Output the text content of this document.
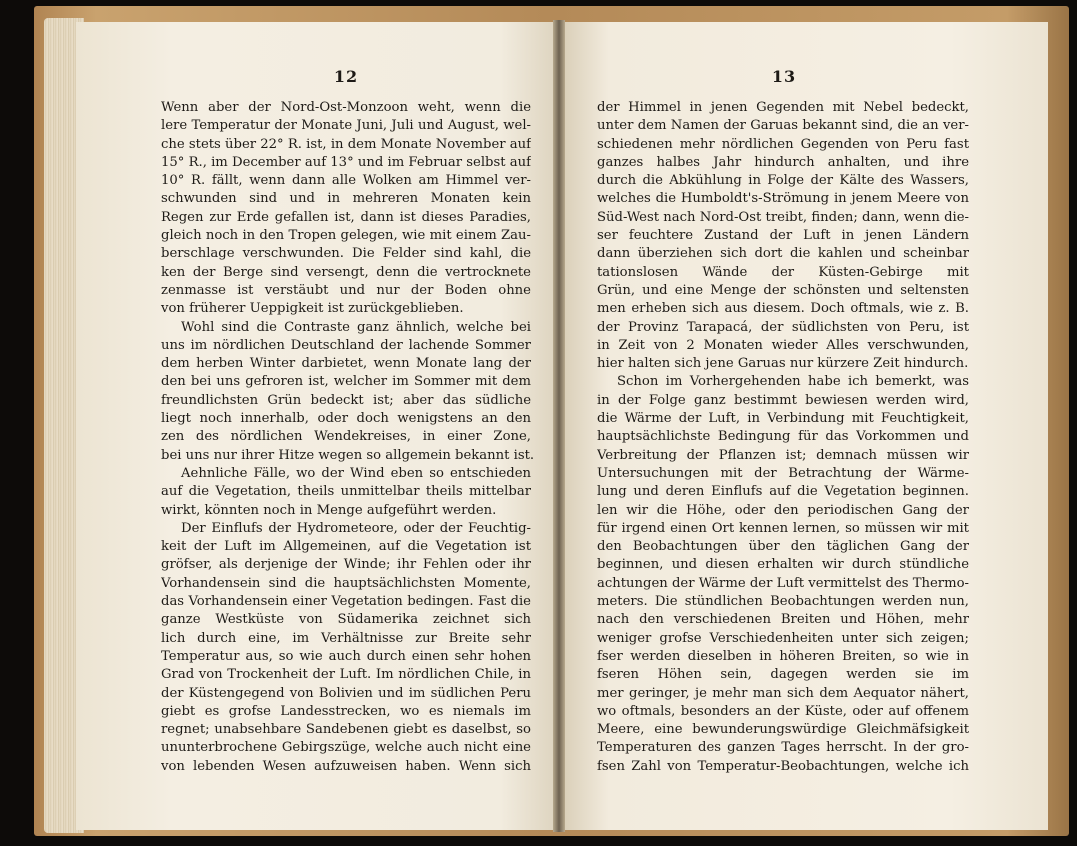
12
Wenn aber der Nord-Ost-Monzoon weht, wenn die
lere Temperatur der Monate Juni, Juli und August, wel-
che stets über 22° R. ist, in dem Monate November auf
15° R., im December auf 13° und im Februar selbst auf
10° R. fällt, wenn dann alle Wolken am Himmel ver-
schwunden sind und in mehreren Monaten kein
Regen zur Erde gefallen ist, dann ist dieses Paradies,
gleich noch in den Tropen gelegen, wie mit einem Zau-
berschlage verschwunden. Die Felder sind kahl, die
ken der Berge sind versengt, denn die vertrocknete
zenmasse ist verstäubt und nur der Boden ohne
von früherer Ueppigkeit ist zurückgeblieben.
Wohl sind die Contraste ganz ähnlich, welche bei
uns im nördlichen Deutschland der lachende Sommer
dem herben Winter darbietet, wenn Monate lang der
den bei uns gefroren ist, welcher im Sommer mit dem
freundlichsten Grün bedeckt ist; aber das südliche
liegt noch innerhalb, oder doch wenigstens an den
zen des nördlichen Wendekreises, in einer Zone,
bei uns nur ihrer Hitze wegen so allgemein bekannt ist.
Aehnliche Fälle, wo der Wind eben so entschieden
auf die Vegetation, theils unmittelbar theils mittelbar
wirkt, könnten noch in Menge aufgeführt werden.
Der Einflufs der Hydrometeore, oder der Feuchtig-
keit der Luft im Allgemeinen, auf die Vegetation ist
gröfser, als derjenige der Winde; ihr Fehlen oder ihr
Vorhandensein sind die hauptsächlichsten Momente,
das Vorhandensein einer Vegetation bedingen. Fast die
ganze Westküste von Südamerika zeichnet sich
lich durch eine, im Verhältnisse zur Breite sehr
Temperatur aus, so wie auch durch einen sehr hohen
Grad von Trockenheit der Luft. Im nördlichen Chile, in
der Küstengegend von Bolivien und im südlichen Peru
giebt es grofse Landesstrecken, wo es niemals im
regnet; unabsehbare Sandebenen giebt es daselbst, so
ununterbrochene Gebirgszüge, welche auch nicht eine
von lebenden Wesen aufzuweisen haben. Wenn sich
13
der Himmel in jenen Gegenden mit Nebel bedeckt,
unter dem Namen der Garuas bekannt sind, die an ver-
schiedenen mehr nördlichen Gegenden von Peru fast
ganzes halbes Jahr hindurch anhalten, und ihre
durch die Abkühlung in Folge der Kälte des Wassers,
welches die Humboldt's-Strömung in jenem Meere von
Süd-West nach Nord-Ost treibt, finden; dann, wenn die-
ser feuchtere Zustand der Luft in jenen Ländern
dann überziehen sich dort die kahlen und scheinbar
tationslosen Wände der Küsten-Gebirge mit
Grün, und eine Menge der schönsten und seltensten
men erheben sich aus diesem. Doch oftmals, wie z. B.
der Provinz Tarapacá, der südlichsten von Peru, ist
in Zeit von 2 Monaten wieder Alles verschwunden,
hier halten sich jene Garuas nur kürzere Zeit hindurch.
Schon im Vorhergehenden habe ich bemerkt, was
in der Folge ganz bestimmt bewiesen werden wird,
die Wärme der Luft, in Verbindung mit Feuchtigkeit,
hauptsächlichste Bedingung für das Vorkommen und
Verbreitung der Pflanzen ist; demnach müssen wir
Untersuchungen mit der Betrachtung der Wärme-
lung und deren Einflufs auf die Vegetation beginnen.
len wir die Höhe, oder den periodischen Gang der
für irgend einen Ort kennen lernen, so müssen wir mit
den Beobachtungen über den täglichen Gang der
beginnen, und diesen erhalten wir durch stündliche
achtungen der Wärme der Luft vermittelst des Thermo-
meters. Die stündlichen Beobachtungen werden nun,
nach den verschiedenen Breiten und Höhen, mehr
weniger grofse Verschiedenheiten unter sich zeigen;
fser werden dieselben in höheren Breiten, so wie in
fseren Höhen sein, dagegen werden sie im
mer geringer, je mehr man sich dem Aequator nähert,
wo oftmals, besonders an der Küste, oder auf offenem
Meere, eine bewunderungswürdige Gleichmäfsigkeit
Temperaturen des ganzen Tages herrscht. In der gro-
fsen Zahl von Temperatur-Beobachtungen, welche ich
